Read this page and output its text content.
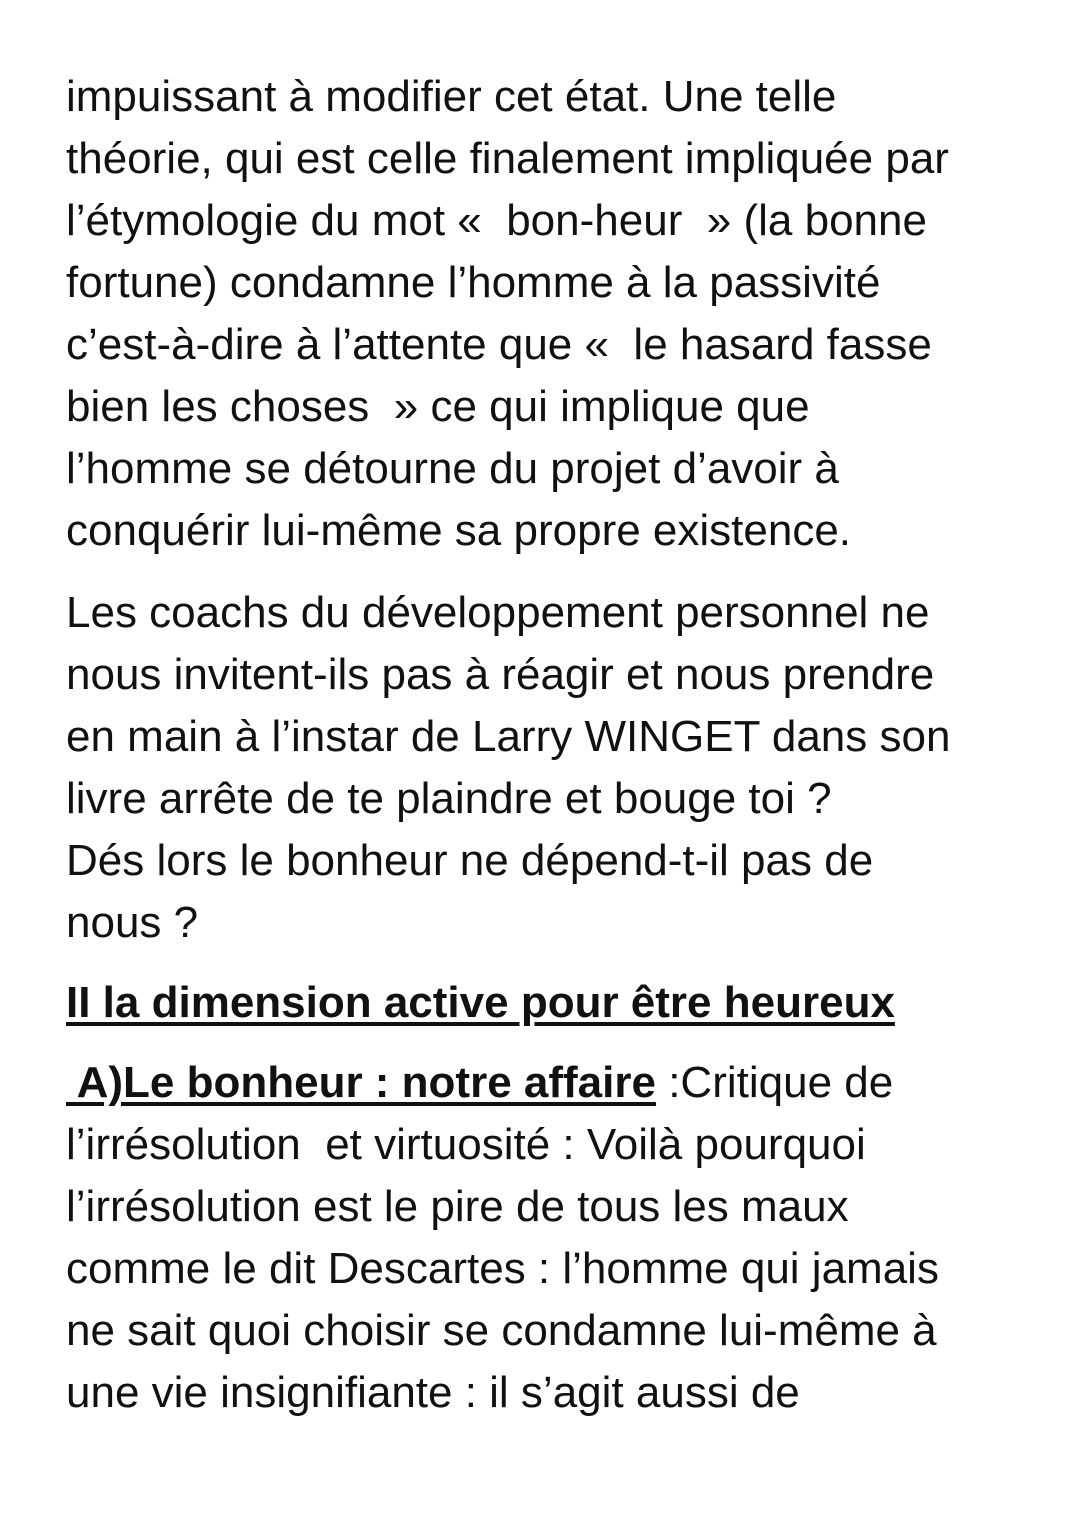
impuissant à modifier cet état. Une telle
théorie, qui est celle finalement impliquée par
l’étymologie du mot «  bon-heur  » (la bonne
fortune) condamne l’homme à la passivité
c’est-à-dire à l’attente que «  le hasard fasse
bien les choses  » ce qui implique que
l’homme se détourne du projet d’avoir à
conquérir lui-même sa propre existence.
Les coachs du développement personnel ne
nous invitent-ils pas à réagir et nous prendre
en main à l’instar de Larry WINGET dans son
livre arrête de te plaindre et bouge toi ?
Dés lors le bonheur ne dépend-t-il pas de
nous ?
II la dimension active pour être heureux
A)Le bonheur : notre affaire :Critique de
l’irrésolution  et virtuosité : Voilà pourquoi
l’irrésolution est le pire de tous les maux
comme le dit Descartes : l’homme qui jamais
ne sait quoi choisir se condamne lui-même à
une vie insignifiante : il s’agit aussi de
